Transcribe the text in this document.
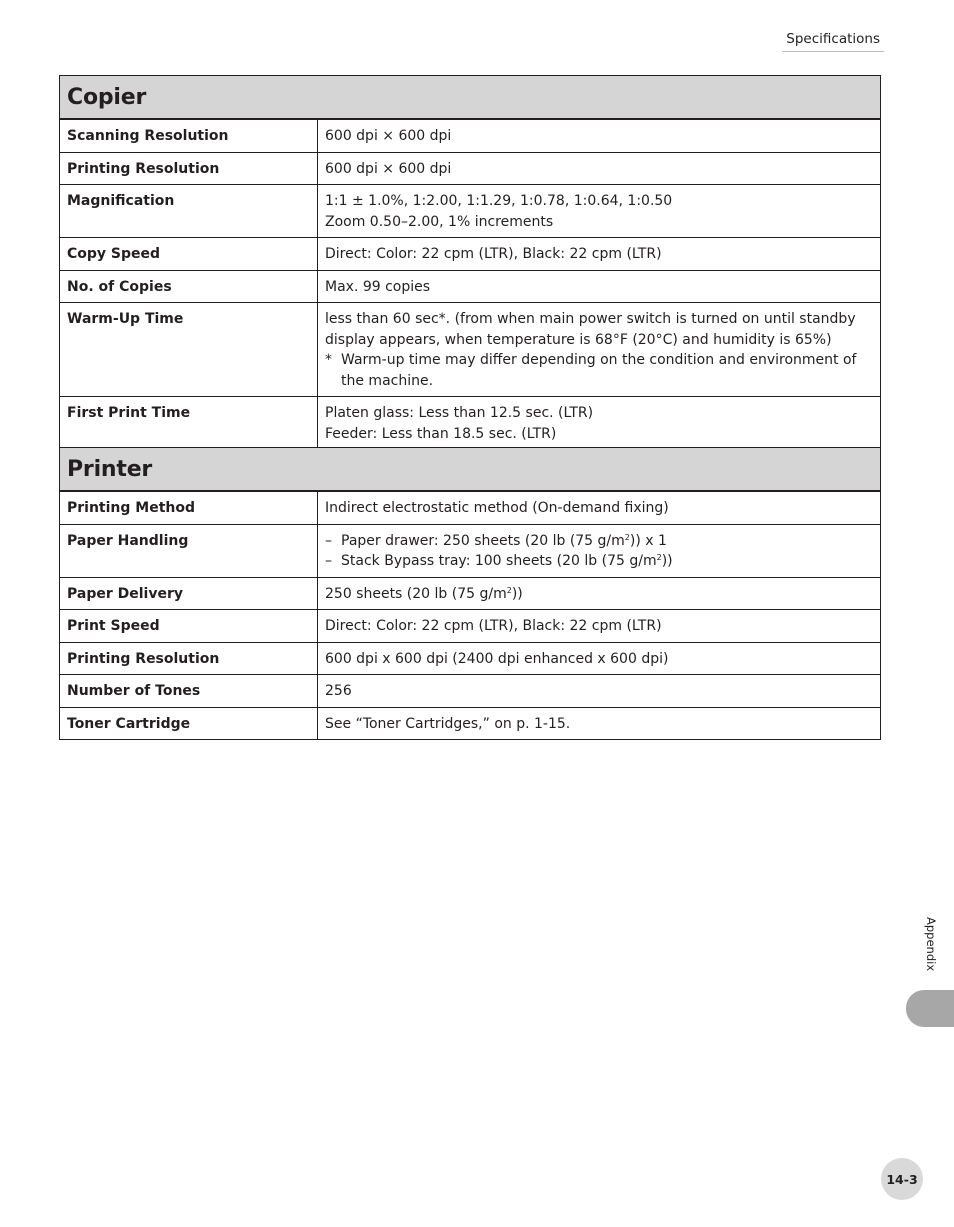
Specifications
Copier
Scanning Resolution	600 dpi × 600 dpi
Printing Resolution	600 dpi × 600 dpi
Magnification	1:1 ± 1.0%, 1:2.00, 1:1.29, 1:0.78, 1:0.64, 1:0.50
Zoom 0.50–2.00, 1% increments
Copy Speed	Direct: Color: 22 cpm (LTR), Black: 22 cpm (LTR)
No. of Copies	Max. 99 copies
Warm-Up Time	less than 60 sec*. (from when main power switch is turned on until standby
display appears, when temperature is 68°F (20°C) and humidity is 65%)
* Warm-up time may differ depending on the condition and environment of the machine.
First Print Time	Platen glass: Less than 12.5 sec. (LTR)
Feeder: Less than 18.5 sec. (LTR)
Printer
Printing Method	Indirect electrostatic method (On-demand fixing)
Paper Handling	– Paper drawer: 250 sheets (20 lb (75 $g/m^2$)) x 1
– Stack Bypass tray: 100 sheets (20 lb (75 $g/m^2$))
Paper Delivery	250 sheets (20 lb (75 $g/m^2$))
Print Speed	Direct: Color: 22 cpm (LTR), Black: 22 cpm (LTR)
Printing Resolution	600 dpi x 600 dpi (2400 dpi enhanced x 600 dpi)
Number of Tones	256
Toner Cartridge	See “Toner Cartridges,” on p. 1-15.
Appendix
14-3
